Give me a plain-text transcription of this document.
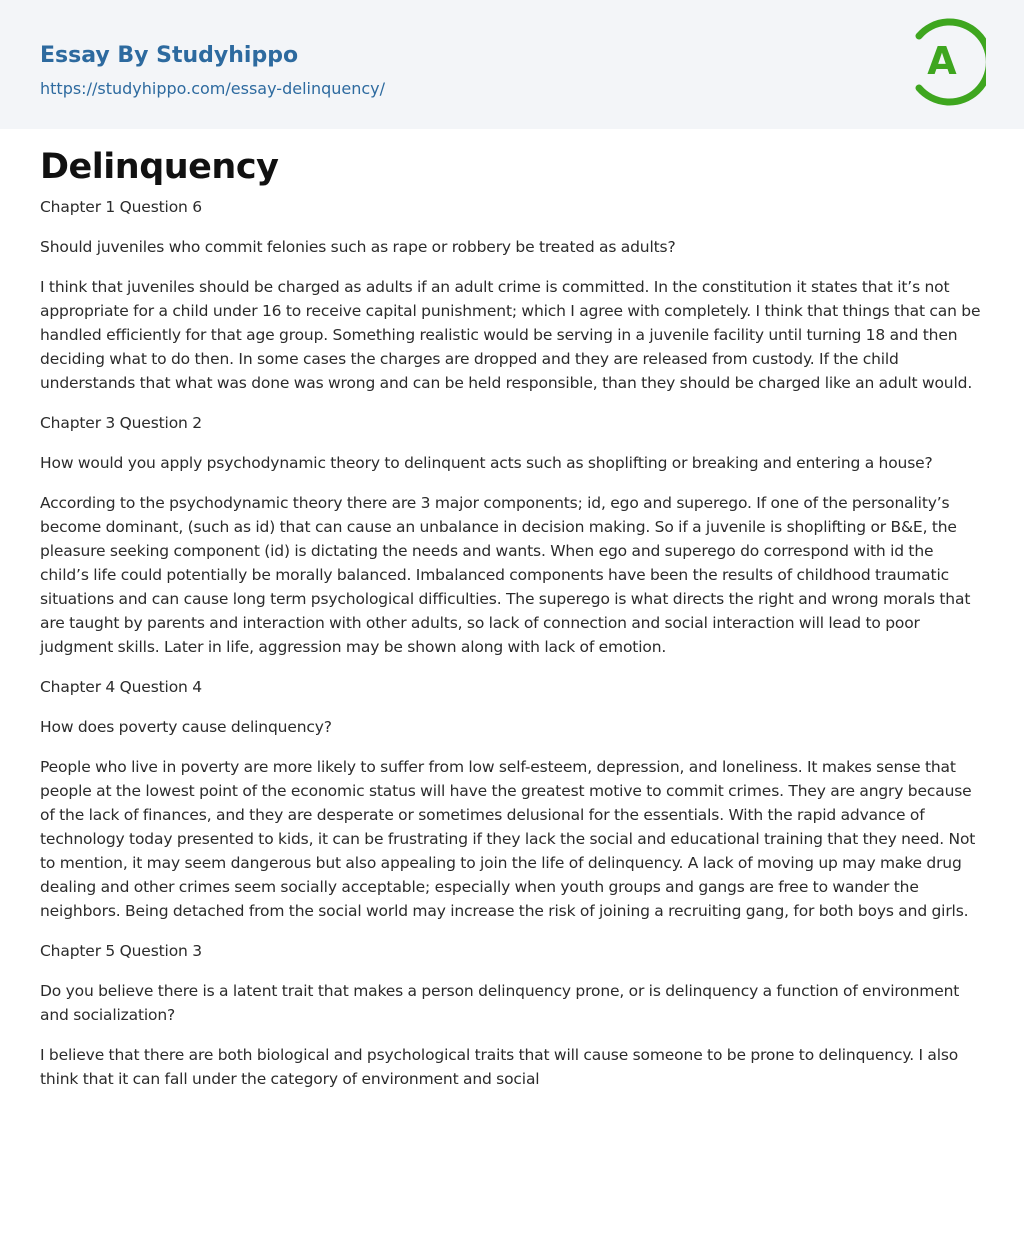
Essay By Studyhippo
https://studyhippo.com/essay-delinquency/
A
Delinquency

Chapter 1 Question 6

Should juveniles who commit felonies such as rape or robbery be treated as adults?

I think that juveniles should be charged as adults if an adult crime is committed. In the constitution it states that it’s not appropriate for a child under 16 to receive capital punishment; which I agree with completely. I think that things that can be handled efficiently for that age group. Something realistic would be serving in a juvenile facility until turning 18 and then deciding what to do then. In some cases the charges are dropped and they are released from custody. If the child understands that what was done was wrong and can be held responsible, than they should be charged like an adult would.

Chapter 3 Question 2

How would you apply psychodynamic theory to delinquent acts such as shoplifting or breaking and entering a house?

According to the psychodynamic theory there are 3 major components; id, ego and superego. If one of the personality’s become dominant, (such as id) that can cause an unbalance in decision making. So if a juvenile is shoplifting or B&E, the pleasure seeking component (id) is dictating the needs and wants. When ego and superego do correspond with id the child’s life could potentially be morally balanced. Imbalanced components have been the results of childhood traumatic situations and can cause long term psychological difficulties. The superego is what directs the right and wrong morals that are taught by parents and interaction with other adults, so lack of connection and social interaction will lead to poor judgment skills. Later in life, aggression may be shown along with lack of emotion.

Chapter 4 Question 4

How does poverty cause delinquency?

People who live in poverty are more likely to suffer from low self-esteem, depression, and loneliness. It makes sense that people at the lowest point of the economic status will have the greatest motive to commit crimes. They are angry because of the lack of finances, and they are desperate or sometimes delusional for the essentials. With the rapid advance of technology today presented to kids, it can be frustrating if they lack the social and educational training that they need. Not to mention, it may seem dangerous but also appealing to join the life of delinquency. A lack of moving up may make drug dealing and other crimes seem socially acceptable; especially when youth groups and gangs are free to wander the neighbors. Being detached from the social world may increase the risk of joining a recruiting gang, for both boys and girls.

Chapter 5 Question 3

Do you believe there is a latent trait that makes a person delinquency prone, or is delinquency a function of environment and socialization?

I believe that there are both biological and psychological traits that will cause someone to be prone to delinquency. I also think that it can fall under the category of environment and social
